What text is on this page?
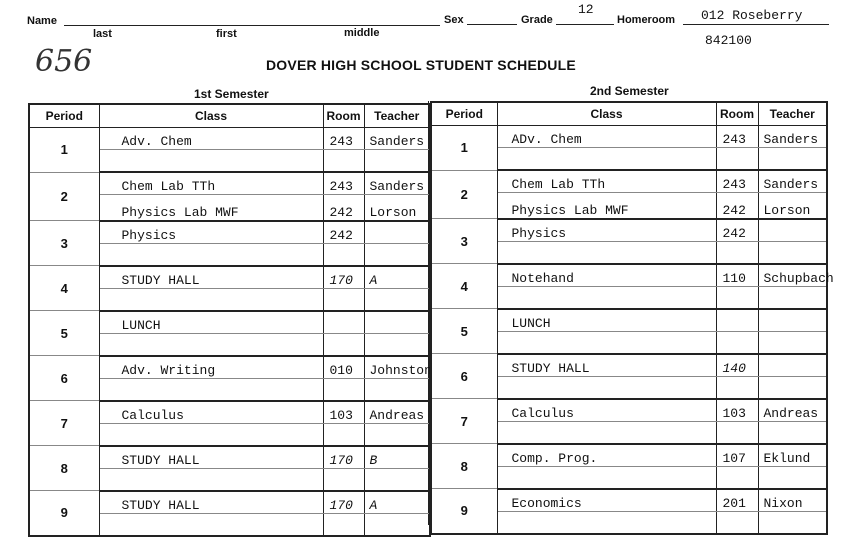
Name
last	first	middle
Sex	Grade
12
Homeroom 012 Roseberry
842100
656	DOVER HIGH SCHOOL STUDENT SCHEDULE
1st Semester	2nd Semester
Period	Class	Room	Teacher
1	Adv. Chem	243	Sanders

2	Chem Lab TTh	243	Sanders
	Physics Lab MWF	242	Lorson
3	Physics	242	

4	STUDY HALL	170	A

5	LUNCH		

6	Adv. Writing	010	Johnston

7	Calculus	103	Andreas

8	STUDY HALL	170	B

9	STUDY HALL	170	A

Period	Class	Room	Teacher
1	ADv. Chem	243	Sanders

2	Chem Lab TTh	243	Sanders
	Physics Lab MWF	242	Lorson
3	Physics	242	

4	Notehand	110	Schupbach

5	LUNCH		

6	STUDY HALL	140	

7	Calculus	103	Andreas

8	Comp. Prog.	107	Eklund

9	Economics	201	Nixon
